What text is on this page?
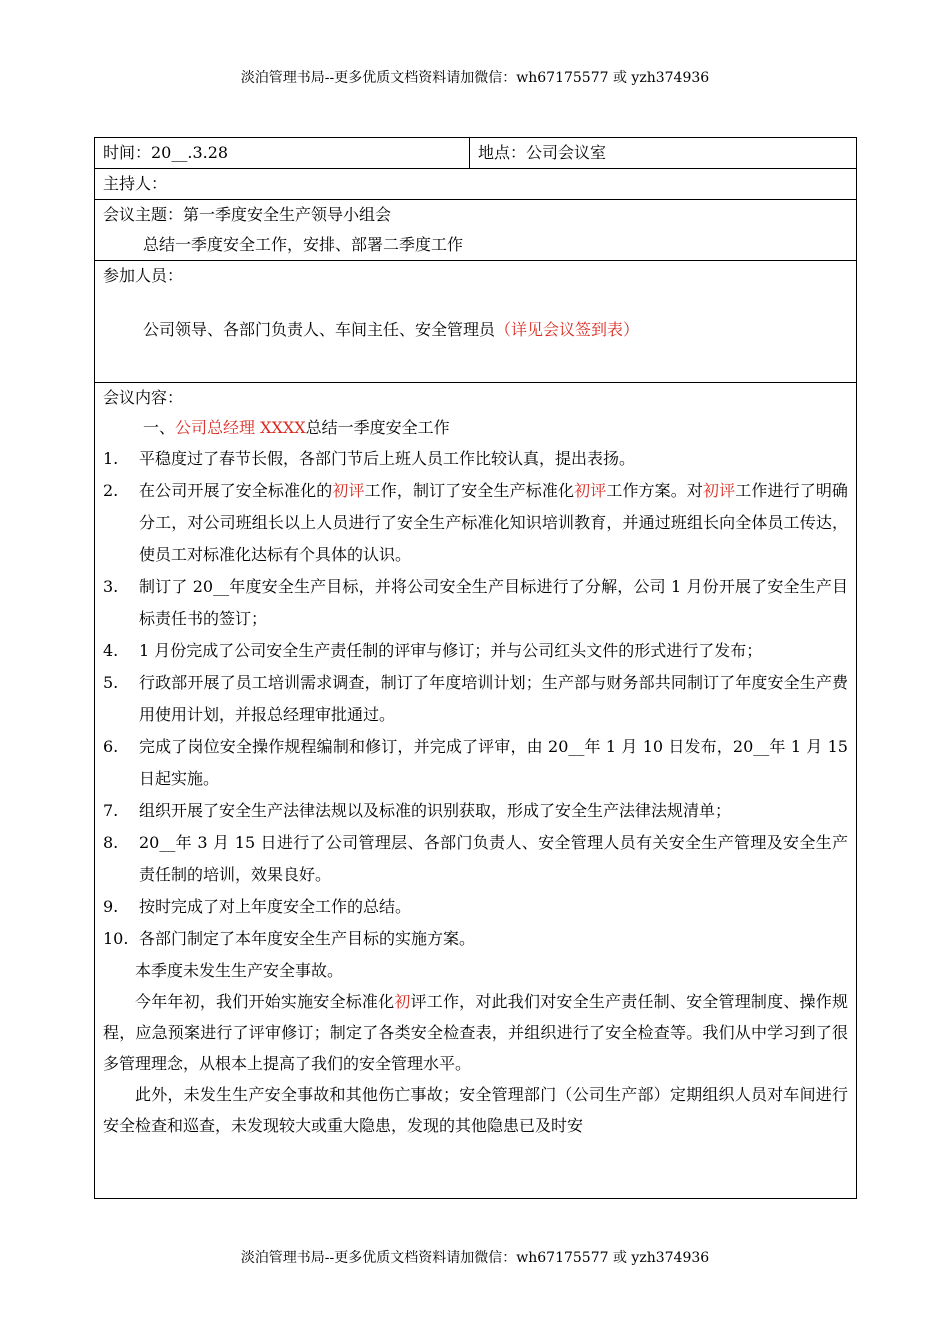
淡泊管理书局--更多优质文档资料请加微信：wh67175577 或 yzh374936
时间：20__.3.28	地点：公司会议室
主持人：

会议主题：第一季度安全生产领导小组会
总结一季度安全工作，安排、部署二季度工作

参加人员：
公司领导、各部门负责人、车间主任、安全管理员（详见会议签到表）

会议内容：
一、公司总经理 XXXX总结一季度安全工作
1.	平稳度过了春节长假，各部门节后上班人员工作比较认真，提出表扬。
2.	在公司开展了安全标准化的初评工作，制订了安全生产标准化初评工作方案。对初评工作进行了明确分工，对公司班组长以上人员进行了安全生产标准化知识培训教育，并通过班组长向全体员工传达，使员工对标准化达标有个具体的认识。
3.	制订了 20__年度安全生产目标，并将公司安全生产目标进行了分解，公司 1 月份开展了安全生产目标责任书的签订；
4.	1 月份完成了公司安全生产责任制的评审与修订；并与公司红头文件的形式进行了发布；
5.	行政部开展了员工培训需求调查，制订了年度培训计划；生产部与财务部共同制订了年度安全生产费用使用计划，并报总经理审批通过。
6.	完成了岗位安全操作规程编制和修订，并完成了评审，由 20__年 1 月 10 日发布，20__年 1 月 15 日起实施。
7.	组织开展了安全生产法律法规以及标准的识别获取，形成了安全生产法律法规清单；
8.	20__年 3 月 15 日进行了公司管理层、各部门负责人、安全管理人员有关安全生产管理及安全生产责任制的培训，效果良好。
9.	按时完成了对上年度安全工作的总结。
10. 各部门制定了本年度安全生产目标的实施方案。

本季度未发生生产安全事故。

今年年初，我们开始实施安全标准化初评工作，对此我们对安全生产责任制、安全管理制度、操作规程，应急预案进行了评审修订；制定了各类安全检查表，并组织进行了安全检查等。我们从中学习到了很多管理理念，从根本上提高了我们的安全管理水平。

此外，未发生生产安全事故和其他伤亡事故；安全管理部门（公司生产部）定期组织人员对车间进行安全检查和巡查，未发现较大或重大隐患，发现的其他隐患已及时安

淡泊管理书局--更多优质文档资料请加微信：wh67175577 或 yzh374936
